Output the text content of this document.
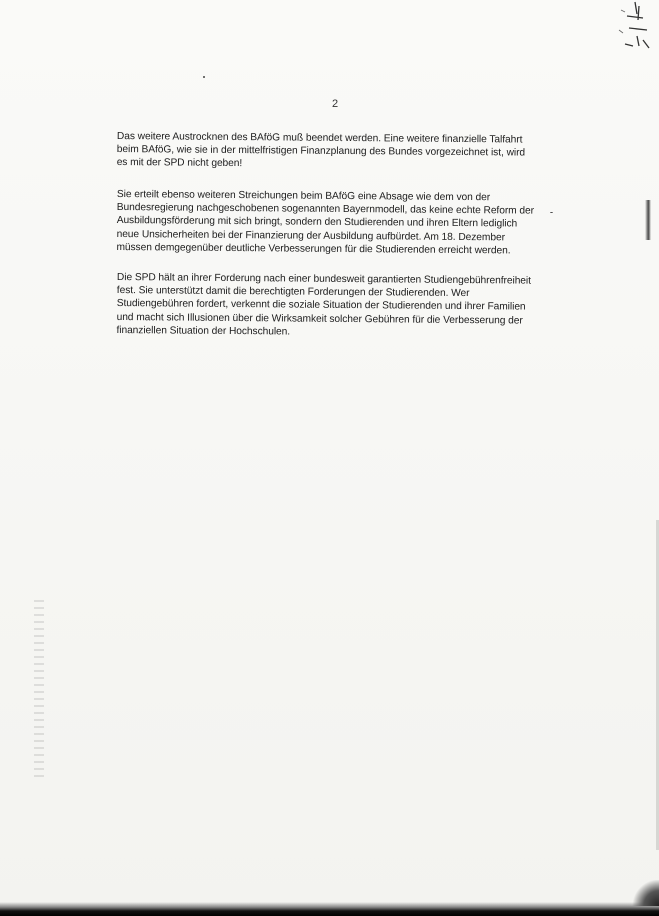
2

Das weitere Austrocknen des BAföG muß beendet werden. Eine weitere finanzielle Talfahrt beim BAföG, wie sie in der mittelfristigen Finanzplanung des Bundes vorgezeichnet ist, wird es mit der SPD nicht geben!

Sie erteilt ebenso weiteren Streichungen beim BAföG eine Absage wie dem von der Bundesregierung nachgeschobenen sogenannten Bayernmodell, das keine echte Reform der Ausbildungsförderung mit sich bringt, sondern den Studierenden und ihren Eltern lediglich neue Unsicherheiten bei der Finanzierung der Ausbildung aufbürdet. Am 18. Dezember müssen demgegenüber deutliche Verbesserungen für die Studierenden erreicht werden.

Die SPD hält an ihrer Forderung nach einer bundesweit garantierten Studiengebührenfreiheit fest. Sie unterstützt damit die berechtigten Forderungen der Studierenden. Wer Studiengebühren fordert, verkennt die soziale Situation der Studierenden und ihrer Familien und macht sich Illusionen über die Wirksamkeit solcher Gebühren für die Verbesserung der finanziellen Situation der Hochschulen.
